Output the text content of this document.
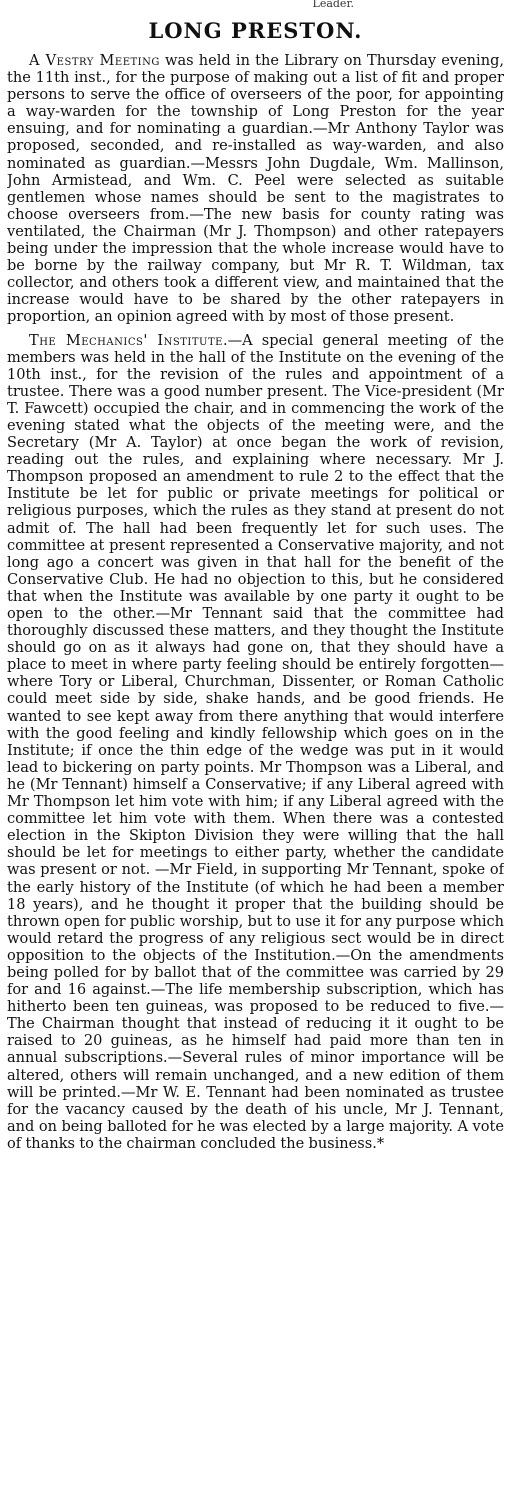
Leader.
LONG PRESTON.

A Vestry Meeting was held in the Library on Thursday evening, the 11th inst., for the purpose of making out a list of fit and proper persons to serve the office of overseers of the poor, for appointing a way-warden for the township of Long Preston for the year ensuing, and for nominating a guardian.—Mr Anthony Taylor was proposed, seconded, and re-installed as way-warden, and also nominated as guardian.—Messrs John Dugdale, Wm. Mallinson, John Armistead, and Wm. C. Peel were selected as suitable gentlemen whose names should be sent to the magistrates to choose overseers from.—The new basis for county rating was ventilated, the Chairman (Mr J. Thompson) and other ratepayers being under the impression that the whole increase would have to be borne by the railway company, but Mr R. T. Wildman, tax collector, and others took a different view, and maintained that the increase would have to be shared by the other ratepayers in proportion, an opinion agreed with by most of those present.

The Mechanics' Institute.—A special general meeting of the members was held in the hall of the Institute on the evening of the 10th inst., for the revision of the rules and appointment of a trustee. There was a good number present. The Vice-president (Mr T. Fawcett) occupied the chair, and in commencing the work of the evening stated what the objects of the meeting were, and the Secretary (Mr A. Taylor) at once began the work of revision, reading out the rules, and explaining where necessary. Mr J. Thompson proposed an amendment to rule 2 to the effect that the Institute be let for public or private meetings for political or religious purposes, which the rules as they stand at present do not admit of. The hall had been frequently let for such uses. The committee at present represented a Conservative majority, and not long ago a concert was given in that hall for the benefit of the Conservative Club. He had no objection to this, but he considered that when the Institute was available by one party it ought to be open to the other.—Mr Tennant said that the committee had thoroughly discussed these matters, and they thought the Institute should go on as it always had gone on, that they should have a place to meet in where party feeling should be entirely forgotten—where Tory or Liberal, Churchman, Dissenter, or Roman Catholic could meet side by side, shake hands, and be good friends. He wanted to see kept away from there anything that would interfere with the good feeling and kindly fellowship which goes on in the Institute; if once the thin edge of the wedge was put in it would lead to bickering on party points. Mr Thompson was a Liberal, and he (Mr Tennant) himself a Conservative; if any Liberal agreed with Mr Thompson let him vote with him; if any Liberal agreed with the committee let him vote with them. When there was a contested election in the Skipton Division they were willing that the hall should be let for meetings to either party, whether the candidate was present or not. —Mr Field, in supporting Mr Tennant, spoke of the early history of the Institute (of which he had been a member 18 years), and he thought it proper that the building should be thrown open for public worship, but to use it for any purpose which would retard the progress of any religious sect would be in direct opposition to the objects of the Institution.—On the amendments being polled for by ballot that of the committee was carried by 29 for and 16 against.—The life membership subscription, which has hitherto been ten guineas, was proposed to be reduced to five.—The Chairman thought that instead of reducing it it ought to be raised to 20 guineas, as he himself had paid more than ten in annual subscriptions.—Several rules of minor importance will be altered, others will remain unchanged, and a new edition of them will be printed.—Mr W. E. Tennant had been nominated as trustee for the vacancy caused by the death of his uncle, Mr J. Tennant, and on being balloted for he was elected by a large majority. A vote of thanks to the chairman concluded the business.*
